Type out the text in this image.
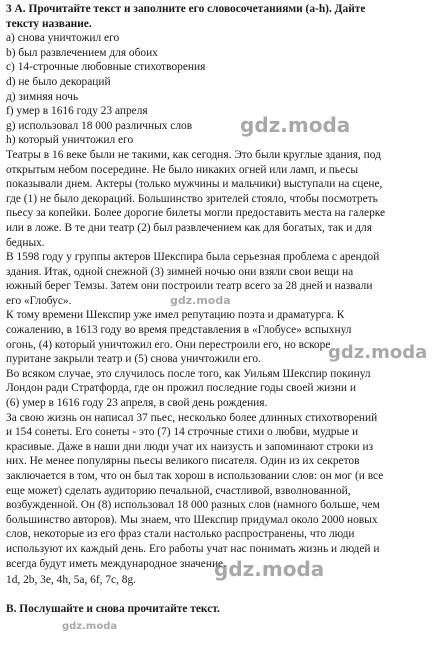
3 А. Прочитайте текст и заполните его словосочетаниями (a-h). Дайте
тексту название.
a) снова уничтожил его
b) был развлечением для обоих
c) 14-строчные любовные стихотворения
d) не было декораций
д) зимняя ночь
f) умер в 1616 году 23 апреля
g) использовал 18 000 различных слов
h) который уничтожил его
Театры в 16 веке были не такими, как сегодня. Это были круглые здания, под
открытым небом посередине. Не было никаких огней или ламп, и пьесы
показывали днем. Актеры (только мужчины и мальчики) выступали на сцене,
где (1) не было декораций. Большинство зрителей стояло, чтобы посмотреть
пьесу за копейки. Более дорогие билеты могли предоставить места на галерке
или в ложе. В те дни театр (2) был развлечением как для богатых, так и для
бедных.
В 1598 году у группы актеров Шекспира была серьезная проблема с арендой
здания. Итак, одной снежной (3) зимней ночью они взяли свои вещи на
южный берег Темзы. Затем они построили театр всего за 28 дней и назвали
его «Глобус».
К тому времени Шекспир уже имел репутацию поэта и драматурга. К
сожалению, в 1613 году во время представления в «Глобусе» вспыхнул
огонь, (4) который уничтожил его. Они перестроили его, но вскоре
пуритане закрыли театр и (5) снова уничтожили его.
Во всяком случае, это случилось после того, как Уильям Шекспир покинул
Лондон ради Стратфорда, где он прожил последние годы своей жизни и
(6) умер в 1616 году 23 апреля, в свой день рождения.
За свою жизнь он написал 37 пьес, несколько более длинных стихотворений
и 154 сонеты. Его сонеты - это (7) 14 строчные стихи о любви, мудрые и
красивые. Даже в наши дни люди учат их наизусть и запоминают строки из
них. Не менее популярны пьесы великого писателя. Один из их секретов
заключается в том, что он был так хорош в использовании слов: он мог (и все
еще может) сделать аудиторию печальной, счастливой, взволнованной,
возбужденной. Он (8) использовал 18 000 разных слов (намного больше, чем
большинство авторов). Мы знаем, что Шекспир придумал около 2000 новых
слов, некоторые из его фраз стали настолько распространены, что люди
используют их каждый день. Его работы учат нас понимать жизнь и людей и
всегда будут иметь международное значение.
1d, 2b, 3e, 4h, 5a, 6f, 7c, 8g.
B. Послушайте и снова прочитайте текст.
gdz.moda
gdz.moda
gdz.moda
gdz.moda
gdz.moda
